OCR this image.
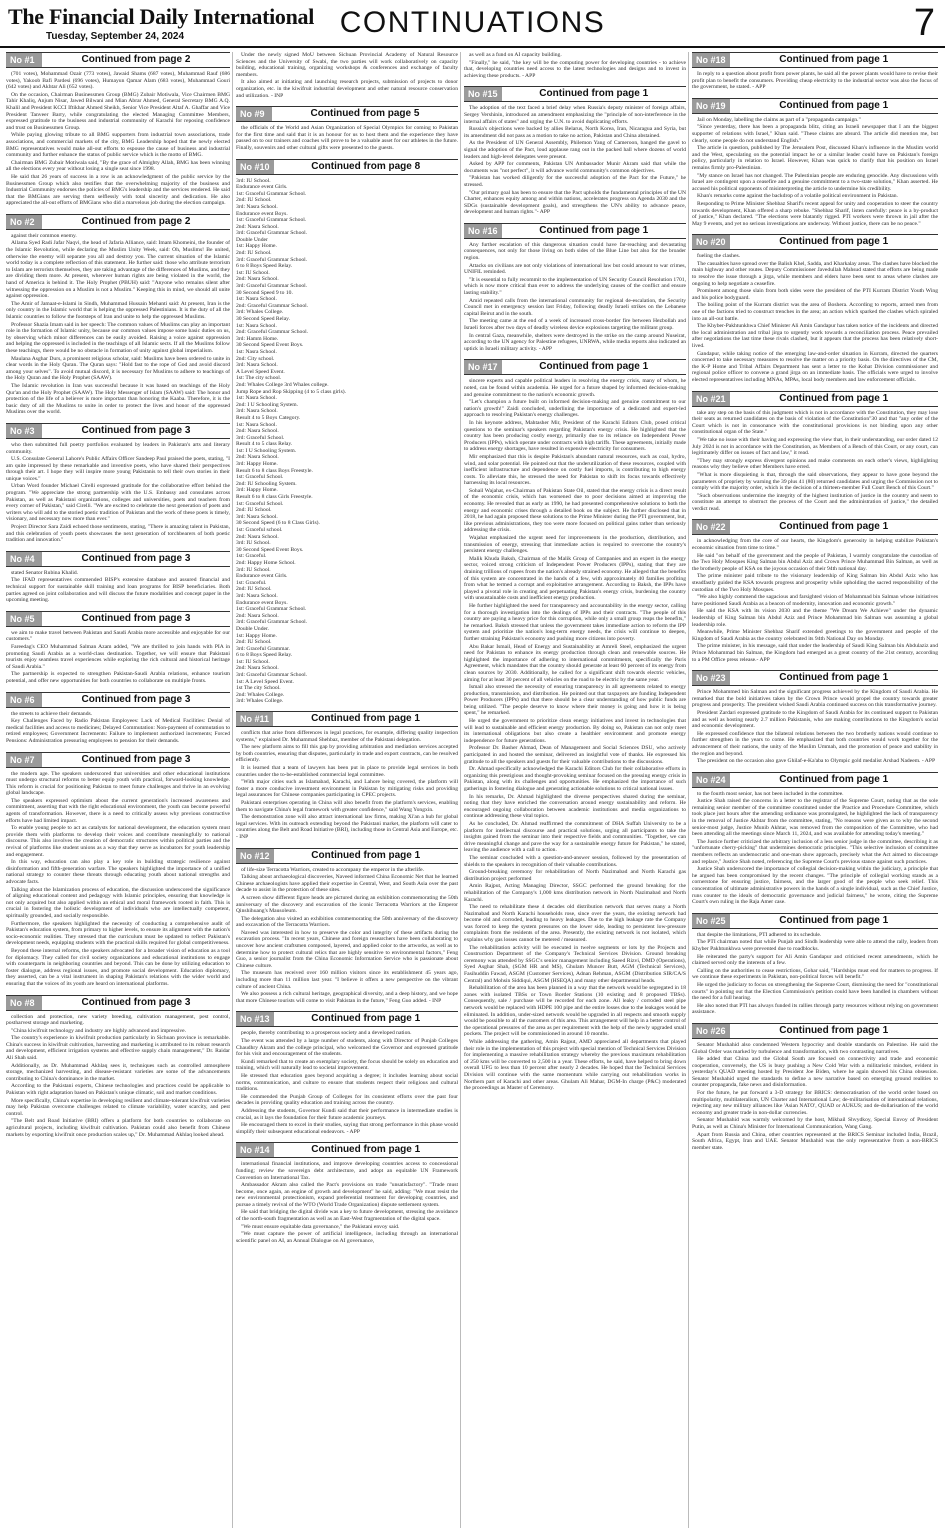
The Financial Daily International
Tuesday, September 24, 2024	CONTINUATIONS	7
No #1	Continued from page 2

(701 votes), Mohammad Ozair (773 votes), Jawaid Shams (687 votes), Muhammad Rauf (686 votes), Yakoob Bafi Pardesi (696 votes), Humayun Qamar Alam (683 votes), Muhammad Gouri (642 votes) and Akhtar Ali (652 votes).

On the occasion, Chairman Businessmen Group (BMG) Zubair Motiwala, Vice Chairmen BMG Tahir Khaliq, Anjum Nisar, Jawed Bilwani and Mian Abrar Ahmed, General Secretary BMG A.Q. Khalil and President KCCI Iftikhar Ahmed Sheikh, Senior Vice President Altaf A. Ghaffar and Vice President Tanveer Barry, while congratulating the elected Managing Committee Members, expressed gratitude to the business and industrial community of Karachi for reposing confidence and trust on Businessmen Group.

While paying glowing tribute to all BMG supporters from industrial town associations, trade associations, and commercial markets of the city, BMG Leadership hoped that the newly elected BMG representatives would make all-out efforts to espouse the cause of business and industrial community and further enhance the status of public service which is the motto of BMG.

Chairman BMG Zubair Motiwala said, "By the grace of Almighty Allah, BMG has been winning all the elections every year without losing a single seat since 1998.

He said that 26 years of success in a row is an acknowledgment of the public service by the Businessmen Group which also testifies that the overwhelming majority of the business and Industrial Community endorses the policies of BMG's leadership and the services rendered. He said that the BMGians are serving them selflessly with total sincerity and dedication. He also appreciated the all-out efforts of BMGians who did a marvelous job during the election campaign.

No #2	Continued from page 2

against their common enemy.

Allama Syed Radi Jafar Naqvi, the head of Jafaria Alliance, said: Imam Khomeini, the founder of the Islamic Revolution, while declaring the Muslim Unity Week, said: Oh, Muslims! Be united, otherwise the enemy will separate you all and destroy you. The current situation of the Islamic world today is a complete reflection of this statement. He further said: those who attribute terrorism to Islam are terrorists themselves, they are taking advantage of the differences of Muslims, and they are dividing them more. At present, wherever human rights are being violated in the world, the hand of America is behind it. The Holy Prophet (PBUH) said: "Anyone who remains silent after witnessing the oppression on a Muslim is not a Muslim." Keeping this in mind, we should all unite against oppression.

The Amir of Jamaat-e-Islami in Sindh, Muhammad Hussain Mehanti said: At present, Iran is the only country in the Islamic world that is helping the oppressed Palestinians. It is the duty of all the Islamic countries to follow the footsteps of Iran and unite to help the oppressed Muslims.

Professor Shazia Imam said in her speech: The common values of Muslims can play an important role in the formation of Islamic unity, because our common values impose some basic duties on us, by observing which minor differences can be easily avoided. Raising a voice against oppression and helping the oppressed is included in the teachings of all Islamic sects. If all the Muslims follow these teachings, there would be no obstacle in formation of unity against global imperialism.

Maulana Asghar Durs, a prominent religious scholar, said: Muslims have been ordered to unite in clear words in the Holy Quran. The Quran says: "Hold fast to the rope of God and avoid discord among your selves". To avoid mutual discord, it is necessary for Muslims to adhere to teachings of the Holy Quran and the Holy Prophet (SAAW).

The Islamic revolution in Iran was successful because it was based on teachings of the Holy Qur'an and the Holy Prophet (SAAW). The Holy Messenger of Islam (SAAW) said: The honor and protection of the life of a believer is more important than honoring the Kaaba. Therefore, it is the basic duty of all the Muslims to unite in order to protect the lives and honor of the oppressed Muslims over the world.

No #3	Continued from page 3

who then submitted full poetry portfolios evaluated by leaders in Pakistan's arts and literary community.

U.S. Consulate General Lahore's Public Affairs Officer Sandeep Paul praised the poets, stating, "I am quite impressed by these remarkable and inventive poets, who have shared their perspectives through their art. I hope they will inspire more young Pakistanis to tell their own stories in their unique voices."

Urban Word founder Michael Cirelli expressed gratitude for the collaborative effort behind the program. "We appreciate the strong partnership with the U.S. Embassy and consulates across Pakistan, as well as Pakistani organizations, colleges and universities, poets and teachers from every corner of Pakistan," said Cirelli. "We are excited to celebrate the next generation of poets and writers who will add to the storied poetic tradition of Pakistan and the work of these poets is timely, visionary, and necessary now more than ever."

Project Director Sara Zaidi echoed those sentiments, stating, "There is amazing talent in Pakistan, and this celebration of youth poets showcases the next generation of torchbearers of both poetic tradition and innovation."

No #4	Continued from page 3

stated Senator Rubina Khalid.

The IFAD representatives commended BISP's extensive database and assured financial and technical support for sustainable skill training and loan programs for BISP beneficiaries. Both parties agreed on joint collaboration and will discuss the future modalities and concept paper in the upcoming meeting.

No #5	Continued from page 3

we aim to make travel between Pakistan and Saudi Arabia more accessible and enjoyable for our customers."

Fareedag's CEO Muhammad Salman Azam added, "We are thrilled to join hands with PIA in promoting Saudi Arabia as a world-class destination. Together, we will ensure that Pakistani tourists enjoy seamless travel experiences while exploring the rich cultural and historical heritage of Saudi Arabia."

The partnership is expected to strengthen Pakistan-Saudi Arabia relations, enhance tourism potential, and offer new opportunities for both countries to collaborate on multiple fronts.

No #6	Continued from page 3

the streets to achieve their demands.

Key Challenges Faced by Radio Pakistan Employees: Lack of Medical Facilities: Denial of medical facilities and access to medicines; Delayed Commutation: Non-payment of commutation to retired employees; Government Increments: Failure to implement authorized increments; Forced Pensions: Administration pressuring employees to pension for their demands.

No #7	Continued from page 3

the modern age. The speakers underscored that universities and other educational institutions must undergo structural reforms to better equip youth with practical, forward-looking knowledge. This reform is crucial for positioning Pakistan to meet future challenges and thrive in an evolving global landscape.

The speakers expressed optimism about the current generation's increased awareness and commitment, asserting that with the right educational environment, the youth can become powerful agents of transformation. However, there is a need to critically assess why previous constructive efforts have had limited impact.

To enable young people to act as catalysts for national development, the education system must provide them with platforms to develop their voices and contribute meaningfully to national discourse. This also involves the creation of democratic structures within political parties and the revival of platforms like student unions as a way that they serve as incubators for youth leadership and engagement.

In this way, education can also play a key role in building strategic resilience against disinformation and fifth-generation warfare. The speakers highlighted the importance of a unified national strategy to counter these threats through educating youth about national strengths and advocate facts.

Talking about the Islamization process of education, the discussion underscored the significance of aligning educational content and pedagogy with Islamic principles, ensuring that knowledge is not only acquired but also applied within an ethical and moral framework rooted in faith. This is crucial in fostering the holistic development of individuals who are intellectually competent, spiritually grounded, and socially responsible.

Furthermore, the speakers highlighted the necessity of conducting a comprehensive audit of Pakistan's education system, from primary to higher levels, to ensure its alignment with the nation's socio-economic realities. They stressed that the curriculum must be updated to reflect Pakistan's development needs, equipping students with the practical skills required for global competitiveness.

Beyond these internal reforms, the speakers advocated for a broader vision of education as a tool for diplomacy. They called for civil society organizations and educational institutions to engage with counterparts in neighboring countries and beyond. This can be done by utilizing education to foster dialogue, address regional issues, and promote social development. Education diplomacy, they asserted, can be a vital instrument in shaping Pakistan's relations with the wider world and ensuring that the voices of its youth are heard on international platforms.

No #8	Continued from page 3

collection and protection, new variety breeding, cultivation management, pest control, postharvest storage and marketing.

"China kiwifruit technology and industry are highly advanced and impressive.

The country's experience in kiwifruit production particularly in Sichuan province is remarkable. China's success in kiwifruit cultivation, harvesting and marketing is attributed to its robust research and development, efficient irrigation systems and effective supply chain management," Dr. Raidar Ali Shah said.

Additionally, as Dr. Muhammad Akhlaq sees it, techniques such as controlled atmosphere storage, mechanized harvesting, and disease-resistant varieties are some of the advancements contributing to China's dominance in the market.

According to the Pakistani experts, Chinese technologies and practices could be applicable to Pakistan with right adaptation based on Pakistan's unique climatic, soil and market conditions.

More specifically, China's expertise in developing resilient and climate-tolerant kiwifruit varieties may help Pakistan overcome challenges related to climate variability, water scarcity, and pest control.

"The Belt and Road Initiative (BRI) offers a platform for both countries to collaborate on agricultural projects, including kiwifruit cultivation. Pakistan could also benefit from Chinese markets by exporting kiwifruit once production scales up," Dr. Muhammad Akhlaq looked ahead.

Under the newly signed MoU between Sichuan Provincial Academy of Natural Resource Sciences and the University of Swabi, the two parties will work collaboratively on capacity building, educational training, organizing workshops & conferences and exchange of faculty members.

It also aimed at initiating and launching research projects, submission of projects to donor organization, etc. in the kiwifruit industrial development and other natural resource conservation and utilization. - INP

No #9	Continued from page 5

the officials of the World and Asian Organization of Special Olympics for coming to Pakistan for the first time and said that it is an honour for us to host them and the experience they have passed on to our trainers and coaches will prove to be a valuable asset for our athletes in the future. Finally, souvenirs and other cultural gifts were presented to the guests.

No #10	Continued from page 8
3rd: IU School.
Endurance event Girls.
1st: Graceful Grammar School.
2nd: IU School.
3rd: Nasra School.
Endurance event Boys.
1st: Graceful Grammar School.
2nd: Nasra School.
3rd: Graceful Grammar School.
Double Under
1st: Happy Home.
2nd: IU School.
3rd: Graceful Grammar School.
6 to 8 Boys Speed Relay.
1st: IU School.
2nd: Nasra School.
3rd: Graceful Grammar School.
30 Second Speed 9 to 10.
1st: Nasra School.
2nd: Graceful Grammar School.
3rd: Whales College.
30 Second Speed Relay.
1st: Nasra School.
2nd: Graceful Grammar School.
3rd: Hamm Home.
30 Second Speed Event Boys.
1st: Nasra School.
2nd: City school.
3rd: Nasra School.
A Level Speed Event.
1st: The city school.
2nd: Whales College 3rd Whales college.
Jump Rope and Rop Skipping (4 to 5 class girls).
1st: Nasra School.
2nd: I U Schooling System.
3rd: Nasra School.
Result 4 to 5 Boys Category.
1st: Nasra School.
2nd: Nasra School.
3rd: Graceful School.
Result 4 to 5 class Relay.
1st: I U Schooling System.
2nd: Nasra School.
3rd: Happy Home.
Result 6 to 8 class Boys Freestyle.
1st: Graceful School.
2nd: IU Schooling System.
3rd: Happy Home.
Result 6 to 8 class Girls Freestyle.
1st: Graceful School.
2nd: IU School.
3rd: Nasra School.
30 Second Speed (6 to 8 Class Girls).
1st: Graceful school.
2nd: Nasra School.
3rd: IU School.
30 Second Speed Event Boys.
1st: Graceful.
2nd: Happy Home School.
3rd: IU School.
Endurance event Girls.
1st: Graceful.
2nd: IU School.
3rd: Nasra School.
Endurance event Boys.
1st: Graceful Grammar School.
2nd: Nasra School.
3rd: Graceful Grammar School.
Double Under.
1st: Happy Home.
2nd: IU School.
3rd: Graceful Grammar.
6 to 8 Boys Speed Relay.
1st: IU School.
2nd: Nasra School.
3rd: Graceful Grammar School.
1st: A Level Speed Event.
1st The city School.
2nd: Whales College.
3rd: Whales College.
No #11	Continued from page 1

conflicts that arise from differences in legal practices, for example, differing quality inspection systems," explained Dr. Muhammad Shehbaz, member of the Pakistani delegation.

The new platform aims to fill this gap by providing arbitration and mediation services accepted by both countries, ensuring that disputes, particularly in trade and export contracts, can be resolved efficiently.

It is learned that a team of lawyers has been put in place to provide legal services in both countries under the to-be-established commercial legal committee.

"With major cities such as Islamabad, Karachi, and Lahore being covered, the platform will foster a more conducive investment environment in Pakistan by mitigating risks and providing legal assurances for Chinese companies participating in CPEC projects.

Pakistani enterprises operating in China will also benefit from the platform's services, enabling them to navigate China's legal framework with greater confidence," said Wang Yongxin.

The demonstration zone will also attract international law firms, making Xi'an a hub for global legal services. With its outreach extending beyond the Pakistani market, the platform will cater to countries along the Belt and Road Initiative (BRI), including those in Central Asia and Europe, etc. - INP

No #12	Continued from page 1

of life-size Terracotta Warriors, created to accompany the emperor in the afterlife.

Talking about archaeological discoveries, Naveed informed China Economic Net that he learned Chinese archaeologists have applied their expertise in Central, West, and South Asia over the past decade to assist in the protection of these sites.

A screen show different figure heads are pictured during an exhibition commemorating the 50th anniversary of the discovery and excavation of the iconic Terracotta Warriors at the Emperor Qinshihuang's Mausoleum.

The delegation also visited an exhibition commemorating the 50th anniversary of the discovery and excavation of the Terracotta Warriors.

Naveed was interested in how to preserve the color and integrity of these artifacts during the excavation process. "In recent years, Chinese and foreign researchers have been collaborating to uncover how ancient craftsmen composed, layered, and applied color to the artworks, as well as to determine how to protect cultural relics that are highly sensitive to environmental factors," Feng Guo, a senior journalist from the China Economic Information Service who is passionate about Chinese culture.

The museum has received over 160 million visitors since its establishment 45 years ago, including more than 11 million last year. "I believe it offers a new perspective on the vibrant culture of ancient China.

We also possess a rich cultural heritage, geographical diversity, and a deep history, and we hope that more Chinese tourists will come to visit Pakistan in the future," Feng Guo added. - INP

No #13	Continued from page 1

people, thereby contributing to a prosperous society and a developed nation.

The event was attended by a large number of students, along with Director of Punjab Colleges Chaudhry Akram and the college principal, who welcomed the Governor and expressed gratitude for his visit and encouragement of the students.

Kundi remarked that to create an exemplary society, the focus should be solely on education and training, which will naturally lead to societal improvement.

He stressed that education goes beyond acquiring a degree; it includes learning about social norms, communication, and culture to ensure that students respect their religious and cultural traditions.

He commended the Punjab Group of Colleges for its consistent efforts over the past four decades in providing quality education and training across the country.

Addressing the students, Governor Kundi said that their performance in intermediate studies is crucial, as it lays the foundation for their future academic journeys.

He encouraged them to excel in their studies, saying that strong performance in this phase would simplify their subsequent educational endeavors. - APP

No #14	Continued from page 1

international financial institutions, and improve developing countries access to concessional funding; review the sovereign debt architecture, and adopt an equitable UN Framework Convention on International Tax.

Ambassador Akram also called the Pact's provisions on trade "unsatisfactory". "Trade must become, once again, an engine of growth and development" he said, adding: "We must resist the new environmental protectionism, expand preferential treatment for developing countries, and pursue a timely revival of the WTO (World Trade Organization) dispute settlement system.

He said that bridging the digital divide was a key to future development, stressing the avoidance of the north-south fragmentation as well as an East-West fragmentation of the digital space.

"We must ensure equitable data governance," the Pakistani envoy said.

"We must capture the power of artificial intelligence, including through an international scientific panel on AI, an Annual Dialogue on AI governance,

as well as a fund on AI capacity building.

"Finally," he said, "the key will be the computing power for developing countries - to achieve that, developing countries need access to the latest technologies and designs and to invest in achieving these products. - APP

No #15	Continued from page 1

The adoption of the text faced a brief delay when Russia's deputy minister of foreign affairs, Sergey Vershinin, introduced an amendment emphasizing the "principle of non-interference in the internal affairs of states" and urging the U.N. to avoid duplicating efforts.

Russia's objections were backed by allies Belarus, North Korea, Iran, Nicaragua and Syria, but its amendment did not pass as a motion to take no action, Pakistan and China abstained.

As the President of UN General Assembly, Philemon Yang of Cameroon, banged the gavel to signal the adoption of the Pact, loud applause rang out in the packed hall where dozens of world leaders and high-level delegates were present.

Asked by APP for comments, Pakistan UN Ambassador Munir Akram said that while the documents was "not perfect", it will advance world community's common objectives.

"Pakistan has worked diligently for the successful adoption of the Pact for the Future," he stressed.

"Our primary goal has been to ensure that the Pact upholds the fundamental principles of the UN Charter, enhances equity among and within nations, accelerates progress on Agenda 2030 and the SDGs (sustainable development goals), and strengthens the UN's ability to advance peace, development and human rights."- APP

No #16	Continued from page 1

Any further escalation of this dangerous situation could have far-reaching and devastating consequences, not only for those living on both sides of the Blue Line but also for the broader region.

Attacks on civilians are not only violations of international law but could amount to war crimes, UNIFIL reminded.

"It is essential to fully recommit to the implementation of UN Security Council Resolution 1701, which is now more critical than ever to address the underlying causes of the conflict and ensure lasting stability."

Amid repeated calls from the international community for regional de-escalation, the Security Council met in emergency session last Friday, following deadly Israeli strikes on the Lebanese capital Beirut and in the south.

The meeting came at the end of a week of increased cross-border fire between Hezbollah and Israeli forces after two days of deadly wireless device explosions targeting the militant group.

In central Gaza, meanwhile, shelters were destroyed in the strike on the camp around Nuseirat, according to the UN agency for Palestine refugees, UNRWA, while media reports also indicated an uptick in Israeli military activity. - APP

No #17	Continued from page 1

sincere experts and capable political leaders in resolving the energy crisis, many of whom, he noted, can be found within academia. He urged for a future shaped by informed decision-making and genuine commitment to the nation's economic growth.

"Let's champion a future built on informed decision-making and genuine commitment to our nation's growth!" Zaidi concluded, underlining the importance of a dedicated and expert-led approach to resolving Pakistan's energy challenges.

In his keynote address, Mahtasher Mir, President of the Karachi Editors Club, posed critical questions to the seminar's speakers regarding Pakistan's energy crisis. He highlighted that the country has been producing costly energy, primarily due to its reliance on Independent Power Producers (IPPs), which operate under contracts with high tariffs. These agreements, initially made to address energy shortages, have resulted in expensive electricity for consumers.

Mir emphasized that this is despite Pakistan's abundant natural resources, such as coal, hydro, wind, and solar potential. He pointed out that the underutilization of these resources, coupled with inefficient infrastructure and dependence on costly fuel imports, is contributing to high energy costs. To alleviate this, he stressed the need for Pakistan to shift its focus towards effectively harnessing its local resources.

Sohail Wajahat, ex-Chairman of Pakistan State Oil, stated that the energy crisis is a direct result of the economic crisis, which has worsened due to poor decisions aimed at improving the economy. He revealed that as early as 1990, he had presented comprehensive solutions to both the energy and economic crises through a detailed book on the subject. He further disclosed that in 2018, he had again proposed these solutions to the Prime Minister during the PTI government, but, like previous administrations, they too were more focused on political gains rather than seriously addressing the crisis.

Wajahat emphasized the urgent need for improvements in the production, distribution, and transmission of energy, stressing that immediate action is required to overcome the country's persistent energy challenges.

Malik Khuda Baksh, Chairman of the Malik Group of Companies and an expert in the energy sector, voiced strong criticism of Independent Power Producers (IPPs), stating that they are draining trillions of rupees from the nation's already strained economy. He alleged that the benefits of this system are concentrated in the hands of a few, with approximately 40 families profiting from what he termed a corrupt and exploitative arrangement. According to Baksh, the IPPs have played a pivotal role in creating and perpetuating Pakistan's energy crisis, burdening the country with unsustainable costs and inefficient energy production.

He further highlighted the need for transparency and accountability in the energy sector, calling for a thorough investigation into the dealings of IPPs and their contracts. "The people of this country are paying a heavy price for this corruption, while only a small group reaps the benefits," he remarked. Baksh stressed that unless the government takes immediate action to reform the IPP system and prioritize the nation's long-term energy needs, the crisis will continue to deepen, further straining Pakistan's economy and pushing more citizens into poverty.

Abu Bakar Ismail, Head of Energy and Sustainability at Amreli Steel, emphasized the urgent need for Pakistan to enhance its energy production through clean and renewable sources. He highlighted the importance of adhering to international commitments, specifically the Paris Agreement, which mandates that the country should generate at least 60 percent of its energy from clean sources by 2030. Additionally, he called for a significant shift towards electric vehicles, aiming for at least 30 percent of all vehicles on the road to be electric by the same year.

Ismail also stressed the necessity of ensuring transparency in all agreements related to energy production, transmission, and distribution. He pointed out that taxpayers are funding Independent Power Producers (IPPs) and that there should be a clear understanding of how public funds are being utilized. "The people deserve to know where their money is going and how it is being spent," he remarked.

He urged the government to prioritize clean energy initiatives and invest in technologies that will lead to sustainable and efficient energy production. By doing so, Pakistan can not only meet its international obligations but also create a healthier environment and promote energy independence for future generations.

Professor Dr. Basher Ahmad, Dean of Management and Social Sciences DSU, who actively participated in and hosted the seminar, delivered an insightful vote of thanks. He expressed his gratitude to all the speakers and guests for their valuable contributions to the discussions.

Dr. Ahmad specifically acknowledged the Karachi Editors Club for their collaborative efforts in organizing this prestigious and thought-provoking seminar focused on the pressing energy crisis in Pakistan, along with its challenges and opportunities. He emphasized the importance of such gatherings in fostering dialogue and generating actionable solutions to critical national issues.

In his remarks, Dr. Ahmad highlighted the diverse perspectives shared during the seminar, noting that they have enriched the conversation around energy sustainability and reform. He encouraged ongoing collaboration between academic institutions and media organizations to continue addressing these vital topics.

As he concluded, Dr. Ahmad reaffirmed the commitment of DHA Suffah University to be a platform for intellectual discourse and practical solutions, urging all participants to take the insights gained from the seminar into their respective fields and communities. "Together, we can drive meaningful change and pave the way for a sustainable energy future for Pakistan," he stated, leaving the audience with a call to action.

The seminar concluded with a question-and-answer session, followed by the presentation of shields to the speakers in recognition of their valuable contributions.

Ground-breaking ceremony for rehabilitation of North Nazimabad and North Karachi gas distribution project performed

Amin Rajput, Acting Managing Director, SSGC performed the ground breaking for the rehabilitation of the Company's 1,000 kms distribution network in North Nazimabad and North Karachi.

The need to rehabilitate these 4 decades old distribution network that serves many a North Nazimabad and North Karachi households rose, since over the years, the existing network had become old and corroded, leading to heavy leakages. Due to the high leakage rate the Company was forced to keep the system pressures on the lower side, leading to persistent low-pressure complaints from the residents of the area. Presently, the existing network is not isolated, which explains why gas losses cannot be metered / measured.

The rehabilitation activity will be executed in twelve segments or lots by the Projects and Construction Department of the Company's Technical Services Division. Ground breaking ceremony was attended by SSGC's senior management including Saeed Rizvi, DMD (Operations), Syed Asghar Shah, (SGM HR and MS), Ghulam Muncer Butt, AGM (Technical Services), Fasihuddin Fawad, ASGM (Customer Services), Adnan Rehman, ASGM (Distribution SIR/CA/S Central) and Mohsin Siddiqui, ASGM (HSEQA) and many other departmental heads.

Rehabilitation of the area has been planned in a way that the network would be segregated in 18 zones with isolated TBSs or Town Border Stations (10 existing and 8 proposed TBSs). Consequently, sale / purchase will be recorded for each zone. All leaky / corroded steel pipe network would be replaced with HDPE 100 pipe and the entire losses due to the leakages would be eliminated. In addition, under-sized network would be upgraded in all respects and smooth supply would be possible to all the customers of this area. This arrangement will help in a better control of the operational pressures of the area as per requirement with the help of the newly upgraded small pockets. The project will be commissioned in around 10 months.

While addressing the gathering, Amin Rajput, AMD appreciated all departments that played their role in the implementation of this project with special mention of Technical Services Division for implementing a massive rehabilitation strategy whereby the previous maximum rehabilitation of 250 kms will be converted to 2,500 in a year. These efforts, he said, have helped to bring down overall UFG to less than 10 percent after nearly 2 decades. He hoped that the Technical Services Division will continue with the same momentum while carrying out rehabilitation works in Northern part of Karachi and other areas. Ghulam Ali Mahar, DGM-In charge (P&C) moderated the proceedings as Master of Ceremony.

No #18	Continued from page 1

In reply to a question about profit from power plants, he said all the power plants would have to revise their profit plan to benefit the consumers. Providing cheap electricity to the industrial sector was also the focus of the government, he stated. - APP

No #19	Continued from page 1

Jail on Monday, labelling the claims as part of a "propaganda campaign."

"Since yesterday, there has been a propaganda blitz, citing an Israeli newspaper that I am the biggest supporter of relations with Israel," Khan said. "These claims are absurd. The article did mention me, but clearly, some people do not understand English."

The article in question, published by The Jerusalem Post, discussed Khan's influence in the Muslim world and the West, speculating on the potential impact he or a similar leader could have on Pakistan's foreign policy, particularly in relation to Israel. However, Khan was quick to clarify that his position on Israel remains firmly pro-Palestinian.

"My stance on Israel has not changed. The Palestinian people are enduring genocide. Any discussions with Israel are contingent upon a ceasefire and a genuine commitment to a two-state solution," Khan asserted. He accused his political opponents of misinterpreting the article to undermine his credibility.

Khan's remarks come against the backdrop of a volatile political environment in Pakistan.

Responding to Prime Minister Shehbaz Sharif's recent appeal for unity and cooperation to steer the country towards development, Khan offered a sharp rebuke. "Shehbaz Sharif, listen carefully: peace is a by-product of justice," Khan declared. "The elections were blatantly rigged. PTI workers were thrown in jail after the May 9 events, and yet no serious investigations are underway. Without justice, there can be no peace."

No #20	Continued from page 1

fueling the clashes.

The casualties have spread over the Balish Khel, Sadda, and Kharkalay areas. The clashes have blocked the main highway and other routes. Deputy Commissioner Javedullah Mahsud stated that efforts are being made to resolve the issue through a jirga, while members and elders have been sent to areas where clashes are ongoing to help negotiate a ceasefire.

Prominent among those slain from both sides were the president of the PTI Kurram District Youth Wing and his police bodyguard.

The boiling point of the Kurram district was the area of Boshera. According to reports, armed men from one of the factions tried to construct trenches in the area; an action which sparked the clashes which spiraled into an all-out battle.

The Khyber-Pakhtunkhwa Chief Minister Ali Amin Gandapur has taken notice of the incidents and directed the local administration and tribal jirga to urgently work towards a reconciliation process. Peace prevailed after negotiations the last time these rivals clashed, but it appears that the process has been relatively short-lived.

Gandapur, while taking notice of the emerging law-and-order situation in Kurram, directed the quarters concerned to take necessary measures to resolve the matter on a priority basis. On the directives of the CM, the K-P Home and Tribal Affairs Department has sent a letter to the Kohat Division commissioner and regional police officer to convene a grand jirga on an immediate basis. The officials were urged to involve elected representatives including MNAs, MPAs, local body members and law enforcement officials.

No #21	Continued from page 1

take any step on the basis of this judgment which is not in accordance with the Constitution, they may lose their seats as returned candidates on the basis of violation of the Constitution"30 and that "any order of the Court which is not in consonance with the constitutional provisions is not binding upon any other constitutional organ of the State."

"We take no issue with their having and expressing the view that, in their understanding, our order dated 12 July 2024 is not in accordance with the Constitution, as Members of a Bench of this Court, or any court, can legitimately differ on issues of fact and law," it read.

"They may strongly express divergent opinions and make comments on each other's views, highlighting reasons why they believe other Members have erred.

"What is more disquieting is that, through the said observations, they appear to have gone beyond the parameters of propriety by warning the 39 plus 41 (80) returned candidates and urging the Commission not to comply with the majority order, which is the decision of a thirteen-member Full Court Bench of this Court."

"Such observations undermine the integrity of the highest institution of justice in the country and seem to constitute an attempt to obstruct the process of the Court and the administration of justice," the detailed verdict read.

No #22	Continued from page 1

in acknowledging from the core of our hearts, the Kingdom's generosity in helping stabilize Pakistan's economic situation from time to time."

He said "on behalf of the government and the people of Pakistan, I warmly congratulate the custodian of the Two Holy Mosques King Salman bin Abdul Aziz and Crown Prince Muhammad Bin Salman, as well as the brotherly people of KSA on the joyous occasion of their 94th national day.

The prime minister paid tribute to the visionary leadership of King Salman bin Abdul Aziz who has steadfastly guided the KSA towards progress and prosperity while upholding the sacred responsibility of the custodian of the Two Holy Mosques.

"We also highly commend the sagacious and farsighted vision of Mohammad bin Salman whose initiatives have positioned Saudi Arabia as a beacon of modernity, innovation and economic growth."

He said the KSA with its vision 2030 and the theme "We Dream We Achieve" under the dynamic leadership of King Salman bin Abdul Aziz and Prince Mohammad bin Salman was assuming a global leadership role.

Meanwhile, Prime Minister Shehbaz Sharif extended greetings to the government and people of the Kingdom of Saudi Arabia as the country celebrated its 94th National Day on Monday.

The prime minister, in his message, said that under the leadership of Saudi King Salman bin Abdulaziz and Prince Mohammad bin Salman, the Kingdom had emerged as a great country of the 21st century, according to a PM Office press release.- APP

No #23	Continued from page 1

Prince Mohammed bin Salman and the significant progress achieved by the Kingdom of Saudi Arabia. He remarked that the bold initiatives taken by the Crown Prince would propel the country towards greater progress and prosperity. The president wished Saudi Arabia continued success on this transformative journey.

President Zardari expressed gratitude to the Kingdom of Saudi Arabia for its continued support to Pakistan and as well as hosting nearly 2.7 million Pakistanis, who are making contributions to the Kingdom's social and economic development.

He expressed confidence that the bilateral relations between the two brotherly nations would continue to further strengthen in the years to come. He emphasized that both countries would work together for the advancement of their nations, the unity of the Muslim Ummah, and the promotion of peace and stability in the region and beyond.

The president on the occasion also gave Ghilaf-e-Ka'aba to Olympic gold medalist Arshad Nadeem. - APP

No #24	Continued from page 1

to the fourth most senior, has not been included in the committee.

Justice Shah raised the concerns in a letter to the registrar of the Supreme Court, noting that as the sole remaining senior member of the committee constituted under the Practice and Procedure Committee, which took place just hours after the amending ordinance was promulgated, he highlighted the lack of transparency in the removal of Justice Akhtar from the committee, stating, "No reasons were given as to why the second senior-most judge, Justice Munib Akhtar, was removed from the composition of the Committee, who had been attending all the meetings since March 11, 2024, and was available for attending today's meeting."

The Justice further criticized the arbitrary inclusion of a less senior judge in the committee, describing it as "unfortunate cherry-picking" that undermines democratic principles. "This selective inclusion of committee members reflects an undemocratic and one-man show approach, precisely what the Act aimed to discourage and replace," Justice Shah noted, referencing the Supreme Court's previous stance against such practices.

Justice Shah underscored the importance of collegial decision-making within the judiciary, a principle that he argued has been compromised by the recent changes. "The principle of collegial working stands as a cornerstone for ensuring justice, fairness, and the larger good of the people who seek relief. This concentration of ultimate administrative powers in the hands of a single individual, such as the Chief Justice, runs counter to the ideals of democratic governance and judicial fairness," he wrote, citing the Supreme Court's own ruling in the Raja Amer case.

No #25	Continued from page 1

that despite the limitations, PTI adhered to its schedule.

The PTI chairman noted that while Punjab and Sindh leadership were able to attend the rally, leaders from Khyber Pakhtunkhwa were prevented due to roadblocks.

He reiterated the party's support for Ali Amin Gandapur and criticised recent amendments, which he claimed served only the interests of a few.

Calling on the authorities to cease restrictions, Gohar said, "Hardships must end for matters to progress. If we continue these experiments in Pakistan, non-political forces will benefit."

He urged the judiciary to focus on strengthening the Supreme Court, dismissing the need for "constitutional courts" in pointing out that the Election Commission's petition could have been handled in chambers without the need for a full hearing.

He also noted that PTI has always funded its rallies through party resources without relying on government assistance.

No #26	Continued from page 1

Senator Mushahid also condemned Western hypocrisy and double standards on Palestine. He said the Global Order was marked by turbulence and transformation, with two contrasting narratives.

He added that China and the Global South are focused on connectivity and trade and economic cooperation, conversely, the US is busy pushing a New Cold War with a militaristic mindset, evident in yesterday's QUAD meeting hosted by President Joe Biden, where he again showed his China obsession. Senator Mushahid urged the standards to define a new narrative based on emerging ground realities to counter propaganda, fake news and disinformation.

For the future, he put forward a 3-D strategy for BRICS: democratisation of the world order based on multipolarity, multilateralism, UN Charter and International Law; de-militarisation of international relations, rejecting any new military alliances like 'Asian NATO', QUAD or AUKUS; and de-dollarisation of the world economy and greater trade in non-dollar currencies.

Senator Mushahid was warmly welcomed by the host, Mikhail Shvydkoy, Special Envoy of President Putin, as well as China's Minister for International Communication, Wang Gang.

Apart from Russia and China, other countries represented at the BRICS Seminar included India, Brazil, South Africa, Egypt, Iran and UAE. Senator Mushahid was the only representative from a non-BRICS member state.
